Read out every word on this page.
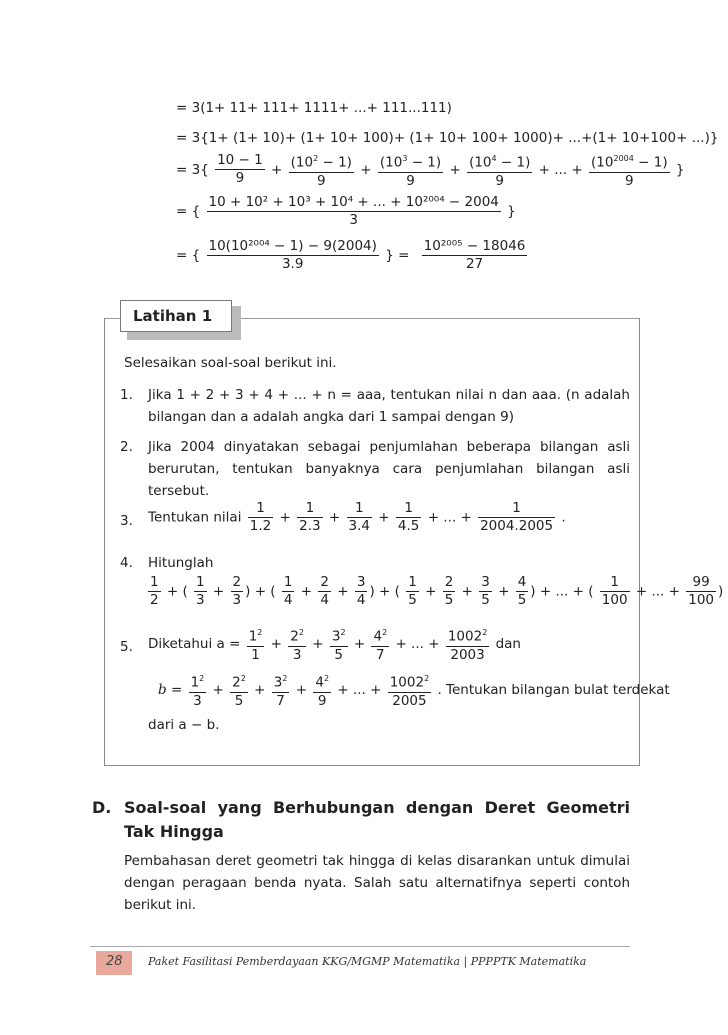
= 3(1+ 11+ 111+ 1111+ ...+ 111...111)
= 3{1+ (1+ 10)+ (1+ 10+ 100)+ (1+ 10+ 100+ 1000)+ ...+(1+ 10+100+ ...)}
= $3\{ \frac{10 - 1}{9} + \frac{(10^2 - 1)}{9} + \frac{(10^3 - 1)}{9} + \frac{(10^4 - 1)}{9}$ + ... + $\frac{(10^{2004} - 1)}{9}$ }
= { $\frac{\text{10 + 10² + 10³ + 10⁴ + ... + 10²⁰⁰⁴ − 2004}}{3}$ }
= { $\frac{\text{10(10²⁰⁰⁴ − 1) − 9(2004)}}{3.9}$ } = $\frac{\text{10²⁰⁰⁵ − 18046}}{27}$
Latihan 1
Selesaikan soal-soal berikut ini.
1. Jika 1 + 2 + 3 + 4 + ... + n = aaa, tentukan nilai n dan aaa. (n adalah bilangan dan a adalah angka dari 1 sampai dengan 9)
2. Jika 2004 dinyatakan sebagai penjumlahan beberapa bilangan asli berurutan, tentukan banyaknya cara penjumlahan bilangan asli tersebut.
3. Tentukan nilai $\frac{1}{1.2} + \frac{1}{2.3} + \frac{1}{3.4} + \frac{1}{4.5}$ + ... + $\frac{1}{2004.2005}$ .
4. Hitunglah
$\frac{1}{2}$ + ( $\frac{1}{3} + \frac{2}{3}$ ) + ( $\frac{1}{4} + \frac{2}{4} + \frac{3}{4}$ ) + ( $\frac{1}{5} + \frac{2}{5} + \frac{3}{5} + \frac{4}{5}$ ) + ... + ( $\frac{1}{100}$ + ... + $\frac{99}{100}$ )
5. Diketahui $a = \frac{1^2}{1} + \frac{2^2}{3} + \frac{3^2}{5} + \frac{4^2}{7}$ + ... + $\frac{1002^2}{2003}$ dan
$b = \frac{1^2}{3} + \frac{2^2}{5} + \frac{3^2}{7} + \frac{4^2}{9}$ + ... + $\frac{1002^2}{2005}$ . Tentukan bilangan bulat terdekat
dari a − b.
D. Soal-soal yang Berhubungan dengan Deret Geometri Tak Hingga
Pembahasan deret geometri tak hingga di kelas disarankan untuk dimulai dengan peragaan benda nyata. Salah satu alternatifnya seperti contoh berikut ini.
28 Paket Fasilitasi Pemberdayaan KKG/MGMP Matematika | PPPPTK Matematika
